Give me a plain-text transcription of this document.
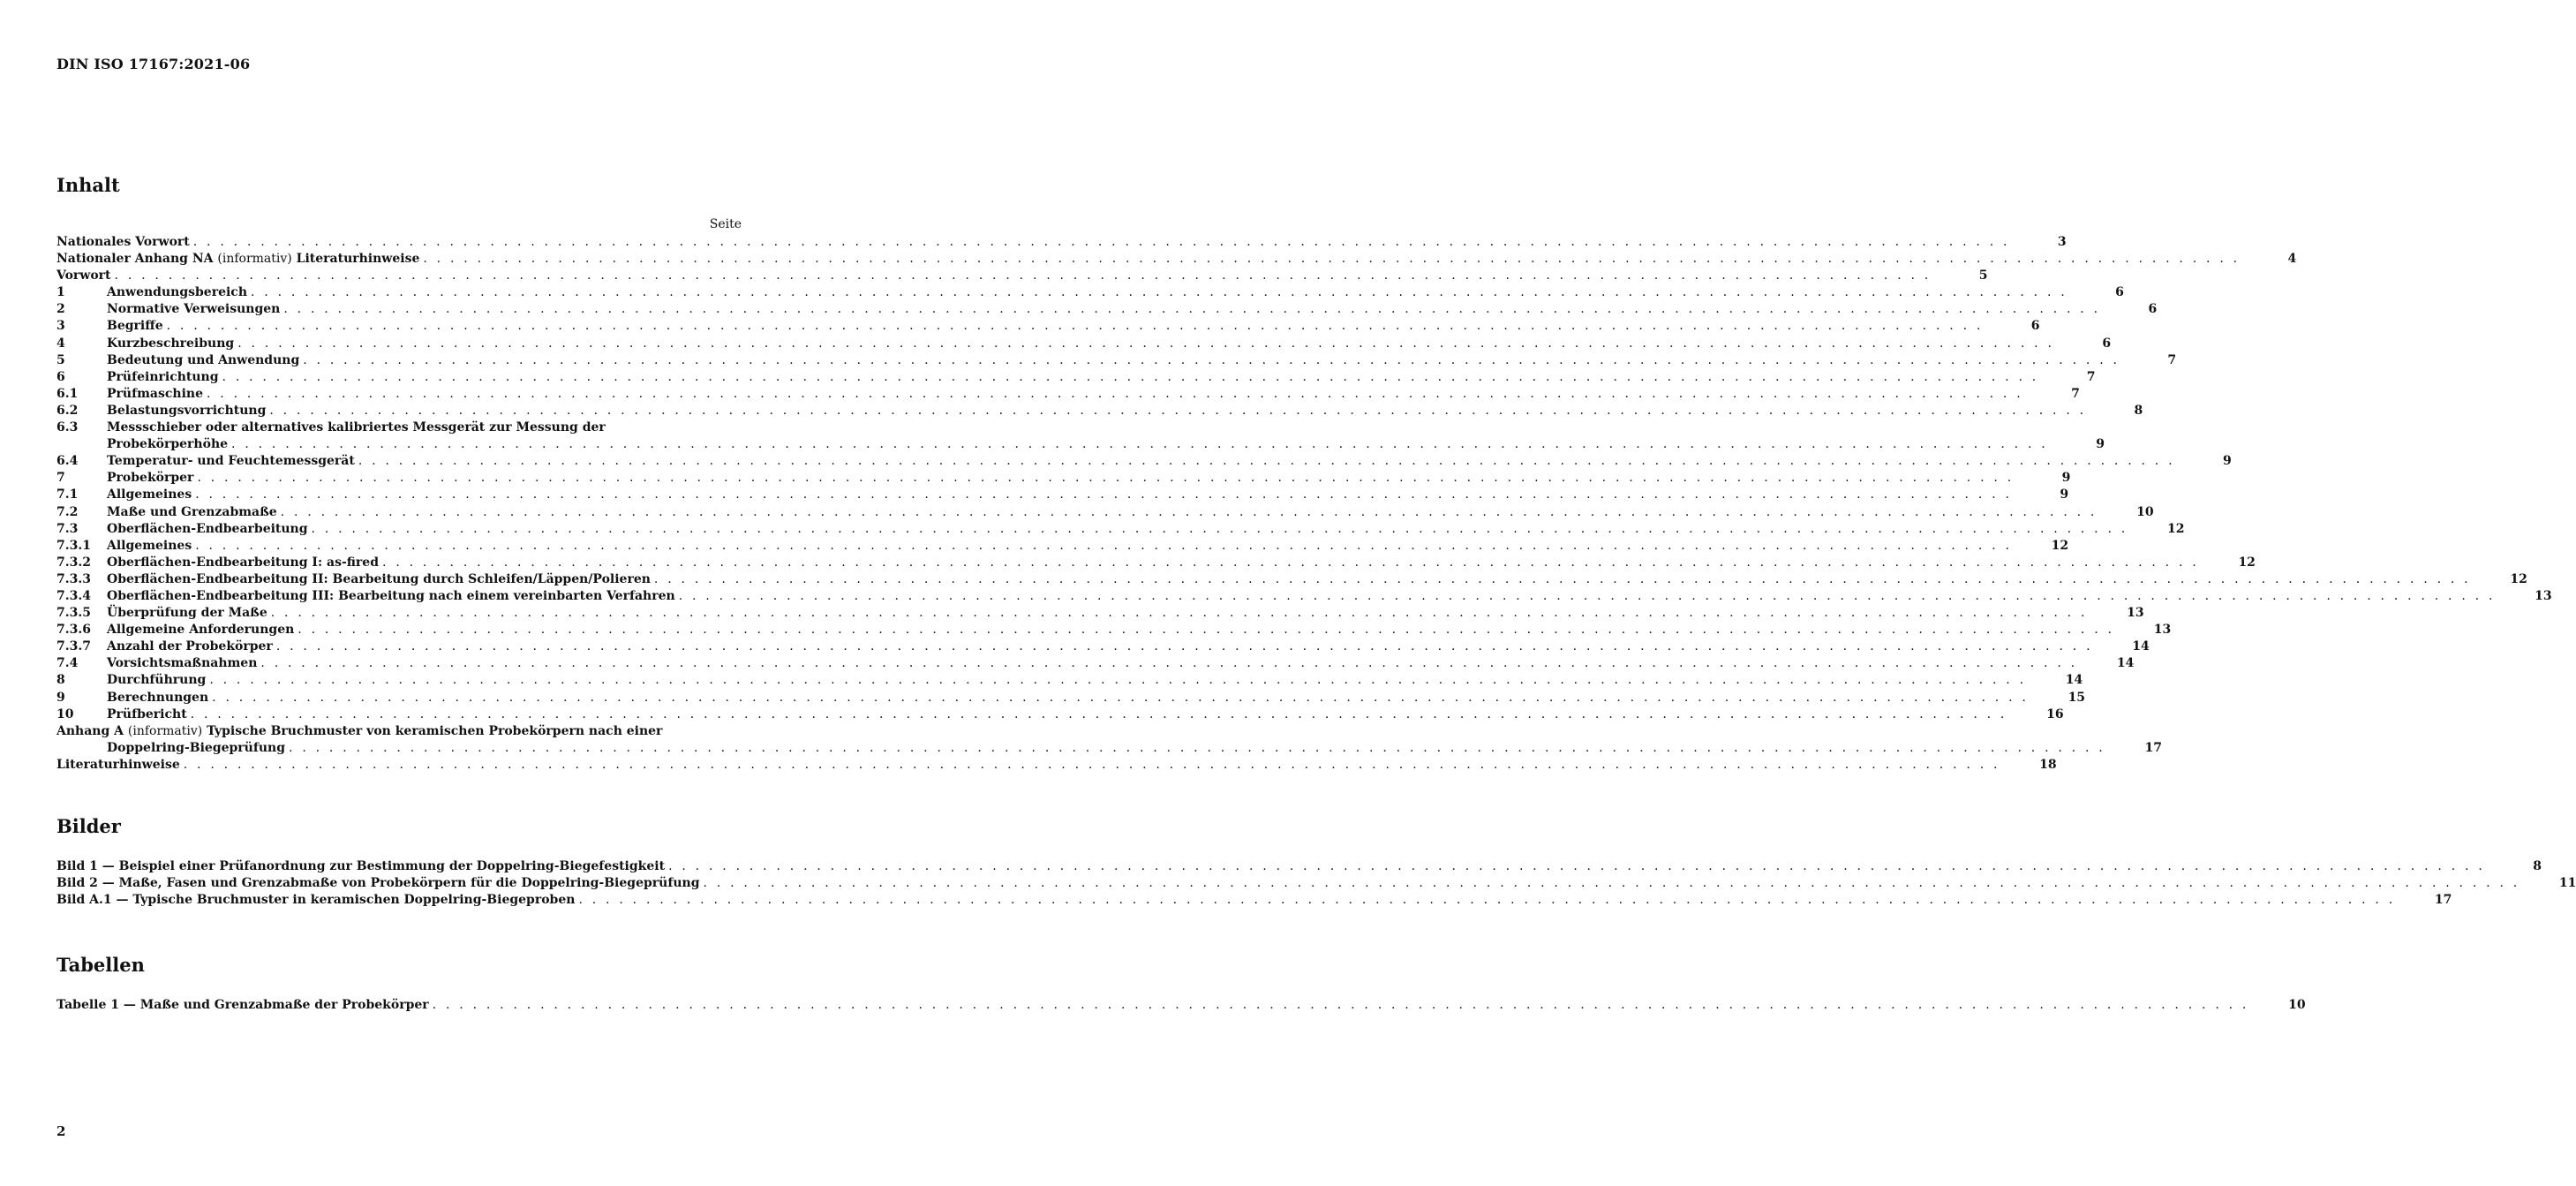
DIN ISO 17167:2021-06
Inhalt
Seite
Nationales Vorwort . . .	3
Nationaler Anhang NA (informativ) Literaturhinweise . . .	4
Vorwort . . .	5
1	Anwendungsbereich . . .	6
2	Normative Verweisungen . . .	6
3	Begriffe . . .	6
4	Kurzbeschreibung . . .	6
5	Bedeutung und Anwendung . . .	7
6	Prüfeinrichtung . . .	7
6.1	Prüfmaschine . . .	7
6.2	Belastungsvorrichtung . . .	8
6.3	Messschieber oder alternatives kalibriertes Messgerät zur Messung der
Probekörperhöhe . . .	9
6.4	Temperatur- und Feuchtemessgerät . . .	9
7	Probekörper . . .	9
7.1	Allgemeines . . .	9
7.2	Maße und Grenzabmaße . . .	10
7.3	Oberflächen-Endbearbeitung . . .	12
7.3.1	Allgemeines . . .	12
7.3.2	Oberflächen-Endbearbeitung I: as-fired . . .	12
7.3.3	Oberflächen-Endbearbeitung II: Bearbeitung durch Schleifen/Läppen/Polieren . . .	12
7.3.4	Oberflächen-Endbearbeitung III: Bearbeitung nach einem vereinbarten Verfahren . . .	13
7.3.5	Überprüfung der Maße . . .	13
7.3.6	Allgemeine Anforderungen . . .	13
7.3.7	Anzahl der Probekörper . . .	14
7.4	Vorsichtsmaßnahmen . . .	14
8	Durchführung . . .	14
9	Berechnungen . . .	15
10	Prüfbericht . . .	16
Anhang A (informativ) Typische Bruchmuster von keramischen Probekörpern nach einer
Doppelring-Biegeprüfung . . .	17
Literaturhinweise . . .	18
Bilder
Bild 1 — Beispiel einer Prüfanordnung zur Bestimmung der Doppelring-Biegefestigkeit . . .	8
Bild 2 — Maße, Fasen und Grenzabmaße von Probekörpern für die Doppelring-Biegeprüfung . . .	11
Bild A.1 — Typische Bruchmuster in keramischen Doppelring-Biegeproben . . .	17
Tabellen
Tabelle 1 — Maße und Grenzabmaße der Probekörper . . .	10
2
